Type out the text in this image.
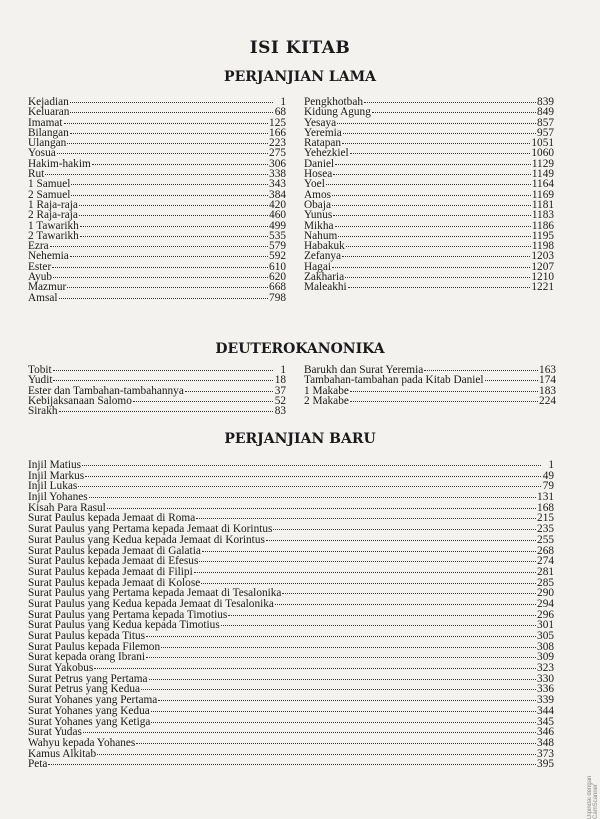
ISI KITAB
PERJANJIAN LAMA
Kejadian	1
Keluaran	68
Imamat	125
Bilangan	166
Ulangan	223
Yosua	275
Hakim-hakim	306
Rut	338
1 Samuel	343
2 Samuel	384
1 Raja-raja	420
2 Raja-raja	460
1 Tawarikh	499
2 Tawarikh	535
Ezra	579
Nehemia	592
Ester	610
Ayub	620
Mazmur	668
Amsal	798
Pengkhotbah	839
Kidung Agung	849
Yesaya	857
Yeremia	957
Ratapan	1051
Yehezkiel	1060
Daniel	1129
Hosea	1149
Yoel	1164
Amos	1169
Obaja	1181
Yunus	1183
Mikha	1186
Nahum	1195
Habakuk	1198
Zefanya	1203
Hagai	1207
Zakharia	1210
Maleakhi	1221
DEUTEROKANONIKA
Tobit	1
Yudit	18
Ester dan Tambahan-tambahannya	37
Kebijaksanaan Salomo	52
Sirakh	83
Barukh dan Surat Yeremia	163
Tambahan-tambahan pada Kitab Daniel	174
1 Makabe	183
2 Makabe	224
PERJANJIAN BARU
Injil Matius	1
Injil Markus	49
Injil Lukas	79
Injil Yohanes	131
Kisah Para Rasul	168
Surat Paulus kepada Jemaat di Roma	215
Surat Paulus yang Pertama kepada Jemaat di Korintus	235
Surat Paulus yang Kedua kepada Jemaat di Korintus	255
Surat Paulus kepada Jemaat di Galatia	268
Surat Paulus kepada Jemaat di Efesus	274
Surat Paulus kepada Jemaat di Filipi	281
Surat Paulus kepada Jemaat di Kolose	285
Surat Paulus yang Pertama kepada Jemaat di Tesalonika	290
Surat Paulus yang Kedua kepada Jemaat di Tesalonika	294
Surat Paulus yang Pertama kepada Timotius	296
Surat Paulus yang Kedua kepada Timotius	301
Surat Paulus kepada Titus	305
Surat Paulus kepada Filemon	308
Surat kepada orang Ibrani	309
Surat Yakobus	323
Surat Petrus yang Pertama	330
Surat Petrus yang Kedua	336
Surat Yohanes yang Pertama	339
Surat Yohanes yang Kedua	344
Surat Yohanes yang Ketiga	345
Surat Yudas	346
Wahyu kepada Yohanes	348
Kamus Alkitab	373
Peta	395
Dipindai dengan CamScanner
